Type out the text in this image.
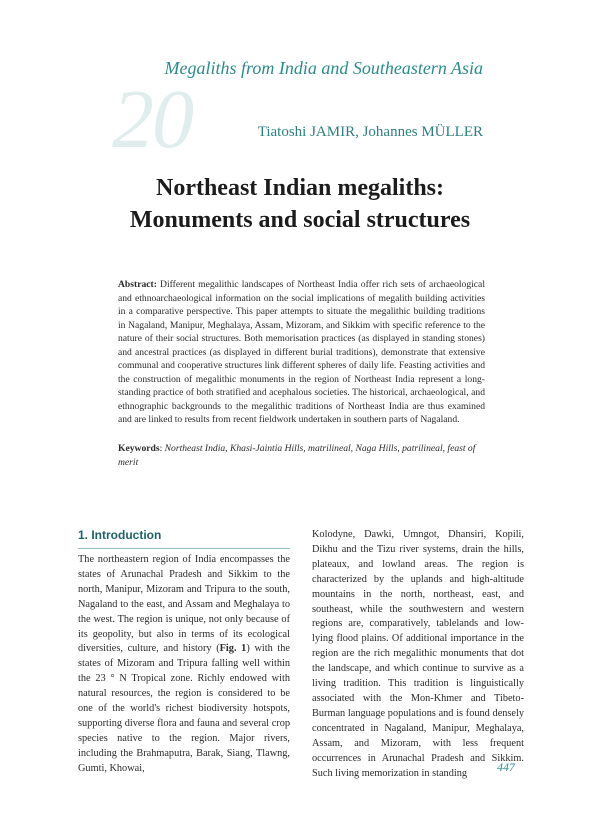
Megaliths from India and Southeastern Asia
20	Tiatoshi JAMIR, Johannes MÜLLER
Northeast Indian megaliths:
Monuments and social structures
Abstract: Different megalithic landscapes of Northeast India offer rich sets of archaeological and ethnoarchaeological information on the social implications of megalith building activities in a comparative perspective. This paper attempts to situate the megalithic building traditions in Nagaland, Manipur, Meghalaya, Assam, Mizoram, and Sikkim with specific reference to the nature of their social structures. Both memorisation practices (as displayed in standing stones) and ancestral practices (as displayed in different burial traditions), demonstrate that extensive communal and cooperative structures link different spheres of daily life. Feasting activities and the construction of megalithic monuments in the region of Northeast India represent a long-standing practice of both stratified and acephalous societies. The historical, archaeological, and ethnographic backgrounds to the megalithic traditions of Northeast India are thus examined and are linked to results from recent fieldwork undertaken in southern parts of Nagaland.
Keywords: Northeast India, Khasi-Jaintia Hills, matrilineal, Naga Hills, patrilineal, feast of merit
1. Introduction

The northeastern region of India encompasses the states of Arunachal Pradesh and Sikkim to the north, Manipur, Mizoram and Tripura to the south, Nagaland to the east, and Assam and Meghalaya to the west. The region is unique, not only because of its geopolity, but also in terms of its ecological diversities, culture, and history (Fig. 1) with the states of Mizoram and Tripura falling well within the 23 ° N Tropical zone. Richly endowed with natural resources, the region is considered to be one of the world's richest biodiversity hotspots, supporting diverse flora and fauna and several crop species native to the region. Major rivers, including the Brahmaputra, Barak, Siang, Tlawng, Gumti, Khowai,

Kolodyne, Dawki, Umngot, Dhansiri, Kopili, Dikhu and the Tizu river systems, drain the hills, plateaux, and lowland areas. The region is characterized by the uplands and high-altitude mountains in the north, northeast, east, and southeast, while the southwestern and western regions are, comparatively, tablelands and low-lying flood plains. Of additional importance in the region are the rich megalithic monuments that dot the landscape, and which continue to survive as a living tradition. This tradition is linguistically associated with the Mon-Khmer and Tibeto-Burman language populations and is found densely concentrated in Nagaland, Manipur, Meghalaya, Assam, and Mizoram, with less frequent occurrences in Arunachal Pradesh and Sikkim. Such living memorization in standing	447
